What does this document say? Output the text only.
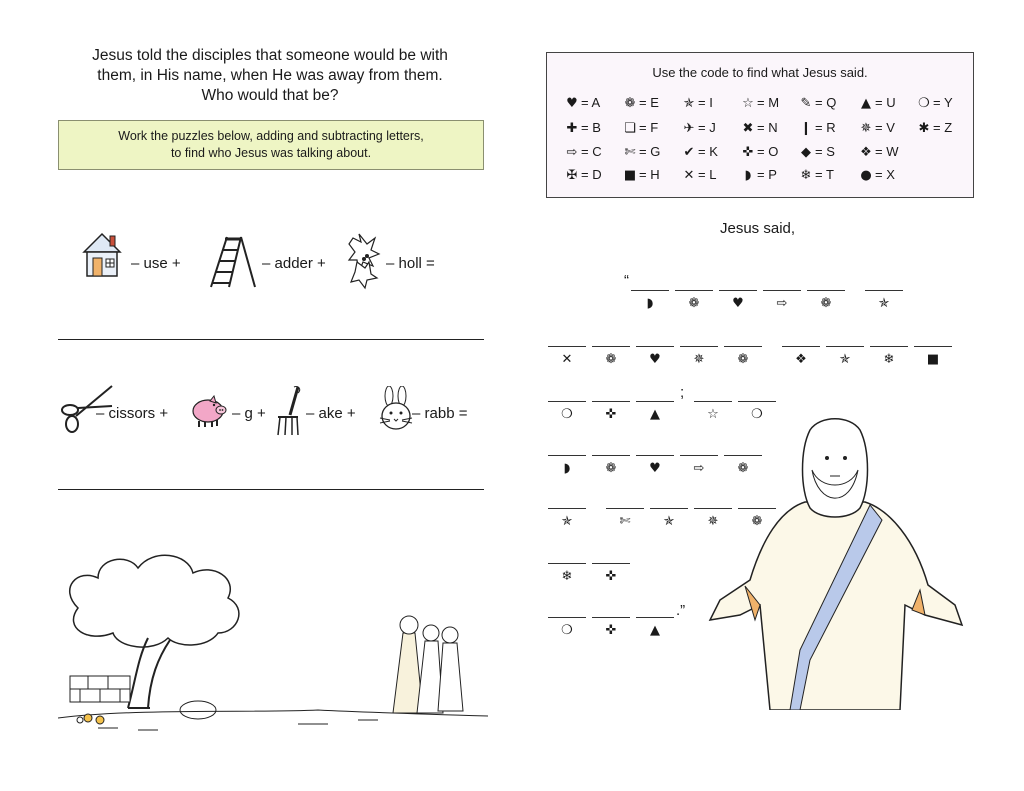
Jesus told the disciples that someone would be with
them, in His name, when He was away from them.
Who would that be?
Work the puzzles below, adding and subtracting letters,
to find who Jesus was talking about.
– use +	– adder +	– holl =
– cissors +	– g +	– ake +	– rabb =
Use the code to find what Jesus said.
♥ = A ❁ = E ✯ = I ☆ = M ✎ = Q	▲ = U ❍ = Y
✚ = B ❏ = F ✈ = J ✖ = N ❙ = R ✵ = V ✱ = Z
⇨ = C ✄ = G ✔ = K ✜ = O	◆ = S ❖ = W
✠ = D ■ = H ✕ = L	◗ = P ❄ = T ● = X
Jesus said,
◗	❁	♥	⇨	❁	✯
✕	❁	♥	✵	❁	❖	✯	❄	■
❍	✜	▲	☆	❍
◗	❁	♥	⇨	❁
✯	✄	✯	✵	❁
❄	✜
❍	✜	▲
“
;
.”
